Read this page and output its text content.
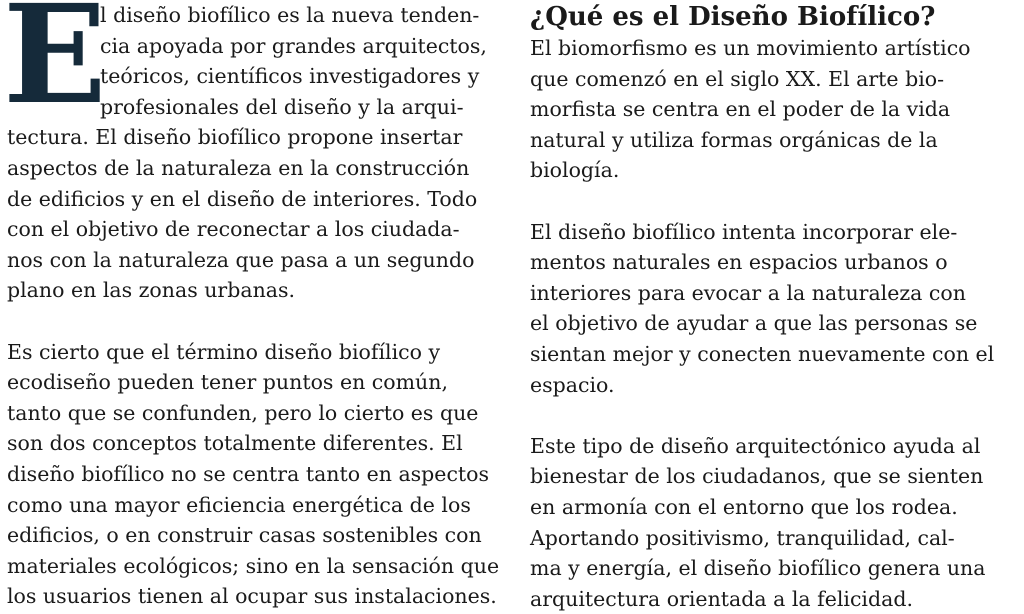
E
l diseño biofílico es la nueva tenden-
cia apoyada por grandes arquitectos,
teóricos, científicos investigadores y
profesionales del diseño y la arqui-
tectura. El diseño biofílico propone insertar
aspectos de la naturaleza en la construcción
de edificios y en el diseño de interiores. Todo
con el objetivo de reconectar a los ciudada-
nos con la naturaleza que pasa a un segundo
plano en las zonas urbanas.
Es cierto que el término diseño biofílico y
ecodiseño pueden tener puntos en común,
tanto que se confunden, pero lo cierto es que
son dos conceptos totalmente diferentes. El
diseño biofílico no se centra tanto en aspectos
como una mayor eficiencia energética de los
edificios, o en construir casas sostenibles con
materiales ecológicos; sino en la sensación que
los usuarios tienen al ocupar sus instalaciones.
¿Qué es el Diseño Biofílico?
El biomorfismo es un movimiento artístico
que comenzó en el siglo XX. El arte bio-
morfista se centra en el poder de la vida
natural y utiliza formas orgánicas de la
biología.
El diseño biofílico intenta incorporar ele-
mentos naturales en espacios urbanos o
interiores para evocar a la naturaleza con
el objetivo de ayudar a que las personas se
sientan mejor y conecten nuevamente con el
espacio.
Este tipo de diseño arquitectónico ayuda al
bienestar de los ciudadanos, que se sienten
en armonía con el entorno que los rodea.
Aportando positivismo, tranquilidad, cal-
ma y energía, el diseño biofílico genera una
arquitectura orientada a la felicidad.
